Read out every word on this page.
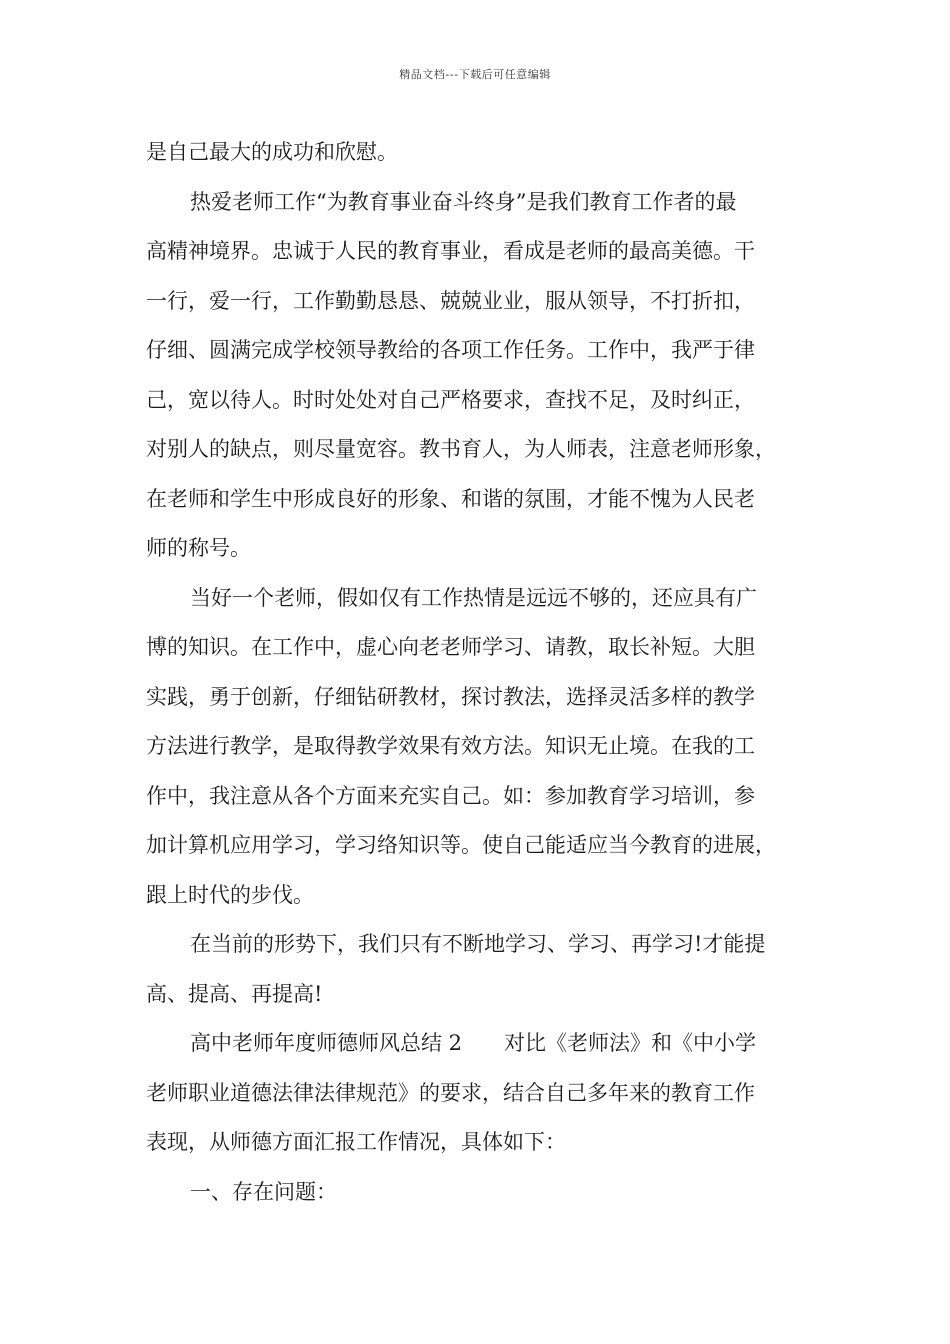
精品文档---下载后可任意编辑
是自己最大的成功和欣慰。
热爱老师工作“为教育事业奋斗终身”是我们教育工作者的最
高精神境界。忠诚于人民的教育事业，看成是老师的最高美德。干
一行，爱一行，工作勤勤恳恳、兢兢业业，服从领导，不打折扣，
仔细、圆满完成学校领导教给的各项工作任务。工作中，我严于律
己，宽以待人。时时处处对自己严格要求，查找不足，及时纠正，
对别人的缺点，则尽量宽容。教书育人，为人师表，注意老师形象，
在老师和学生中形成良好的形象、和谐的氛围，才能不愧为人民老
师的称号。
当好一个老师，假如仅有工作热情是远远不够的，还应具有广
博的知识。在工作中，虚心向老老师学习、请教，取长补短。大胆
实践，勇于创新，仔细钻研教材，探讨教法，选择灵活多样的教学
方法进行教学，是取得教学效果有效方法。知识无止境。在我的工
作中，我注意从各个方面来充实自己。如：参加教育学习培训，参
加计算机应用学习，学习络知识等。使自己能适应当今教育的进展，
跟上时代的步伐。
在当前的形势下，我们只有不断地学习、学习、再学习!才能提
高、提高、再提高!
高中老师年度师德师风总结 2 对比《老师法》和《中小学
老师职业道德法律法律规范》的要求，结合自己多年来的教育工作
表现，从师德方面汇报工作情况，具体如下：
一、存在问题：
